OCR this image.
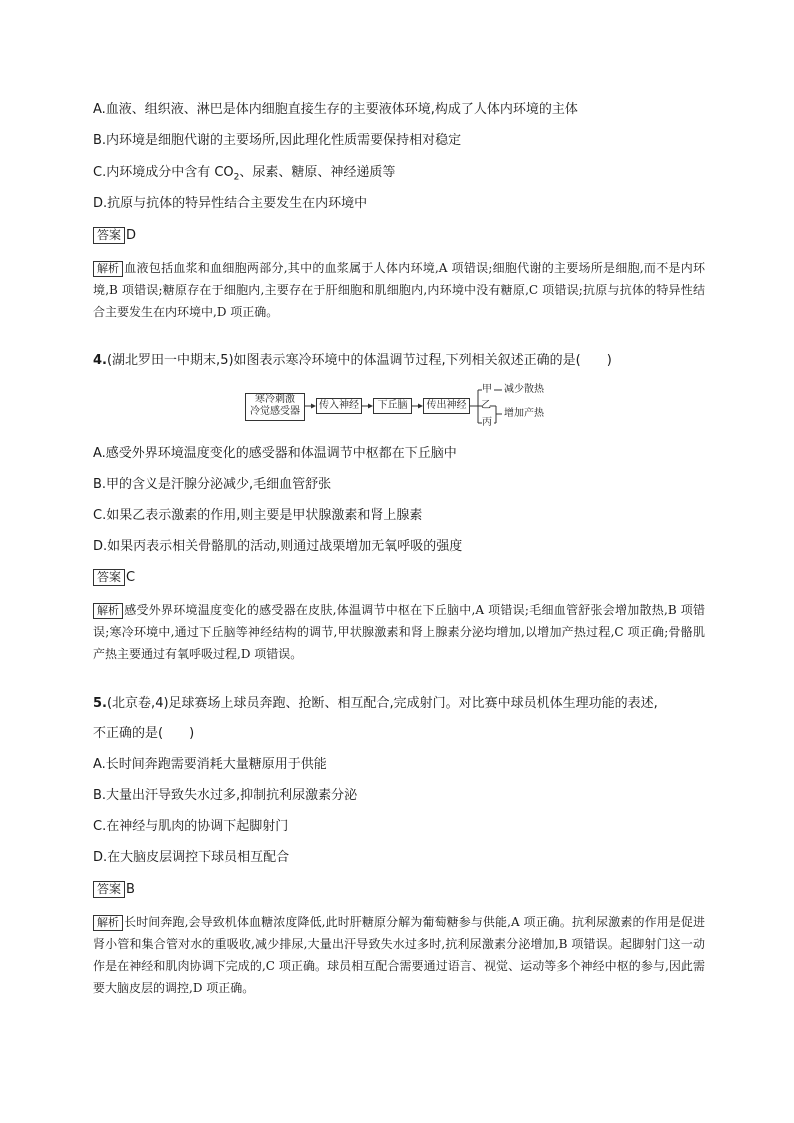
A.血液、组织液、淋巴是体内细胞直接生存的主要液体环境,构成了人体内环境的主体
B.内环境是细胞代谢的主要场所,因此理化性质需要保持相对稳定
C.内环境成分中含有 $CO_2$、尿素、糖原、神经递质等
D.抗原与抗体的特异性结合主要发生在内环境中
答案 D
解析 血液包括血浆和血细胞两部分,其中的血浆属于人体内环境,A 项错误;细胞代谢的主要场所是细胞,而不是内环境,B 项错误;糖原存在于细胞内,主要存在于肝细胞和肌细胞内,内环境中没有糖原,C 项错误;抗原与抗体的特异性结合主要发生在内环境中,D 项正确。
4.(湖北罗田一中期末,5)如图表示寒冷环境中的体温调节过程,下列相关叙述正确的是(　　)
寒冷刺激
冷觉感受器
传入神经	下丘脑	传出神经
甲
乙
丙
减少散热
增加产热
A.感受外界环境温度变化的感受器和体温调节中枢都在下丘脑中
B.甲的含义是汗腺分泌减少,毛细血管舒张
C.如果乙表示激素的作用,则主要是甲状腺激素和肾上腺素
D.如果丙表示相关骨骼肌的活动,则通过战栗增加无氧呼吸的强度
答案 C
解析 感受外界环境温度变化的感受器在皮肤,体温调节中枢在下丘脑中,A 项错误;毛细血管舒张会增加散热,B 项错误;寒冷环境中,通过下丘脑等神经结构的调节,甲状腺激素和肾上腺素分泌均增加,以增加产热过程,C 项正确;骨骼肌产热主要通过有氧呼吸过程,D 项错误。
5.(北京卷,4)足球赛场上球员奔跑、抢断、相互配合,完成射门。对比赛中球员机体生理功能的表述,
不正确的是(　　)
A.长时间奔跑需要消耗大量糖原用于供能
B.大量出汗导致失水过多,抑制抗利尿激素分泌
C.在神经与肌肉的协调下起脚射门
D.在大脑皮层调控下球员相互配合
答案 B
解析 长时间奔跑,会导致机体血糖浓度降低,此时肝糖原分解为葡萄糖参与供能,A 项正确。抗利尿激素的作用是促进肾小管和集合管对水的重吸收,减少排尿,大量出汗导致失水过多时,抗利尿激素分泌增加,B 项错误。起脚射门这一动作是在神经和肌肉协调下完成的,C 项正确。球员相互配合需要通过语言、视觉、运动等多个神经中枢的参与,因此需要大脑皮层的调控,D 项正确。
